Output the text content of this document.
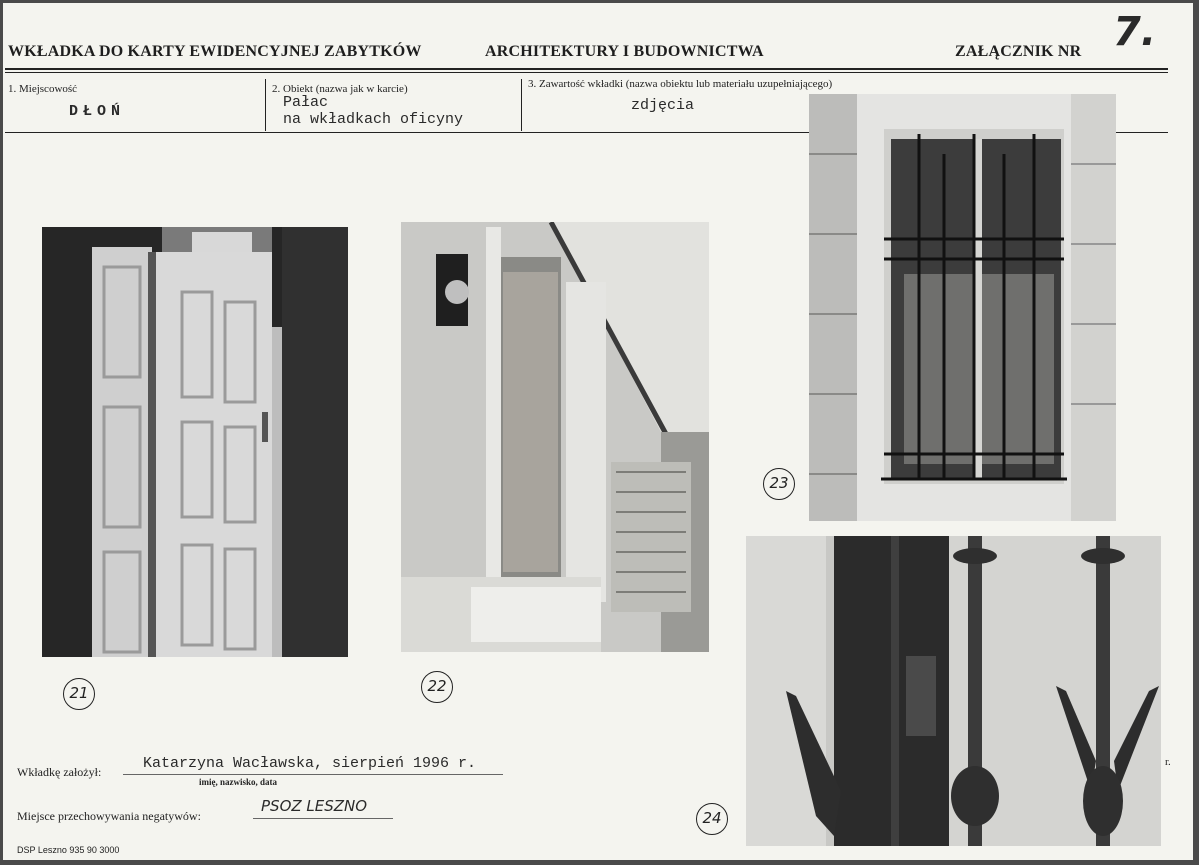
WKŁADKA DO KARTY EWIDENCYJNEJ ZABYTKÓW	ARCHITEKTURY I BUDOWNICTWA	ZAŁĄCZNIK NR 7.
1. Miejscowość
DŁOŃ
2. Obiekt (nazwa jak w karcie)
Pałac
na wkładkach oficyny
3. Zawartość wkładki (nazwa obiektu lub materiału uzupełniającego)
zdjęcia
21	22
23
24
Wkładkę założył:	Katarzyna Wacławska, sierpień 1996 r.
imię, nazwisko, data
r.
Miejsce przechowywania negatywów:
PSOZ LESZNO
DSP Leszno 935 90 3000
